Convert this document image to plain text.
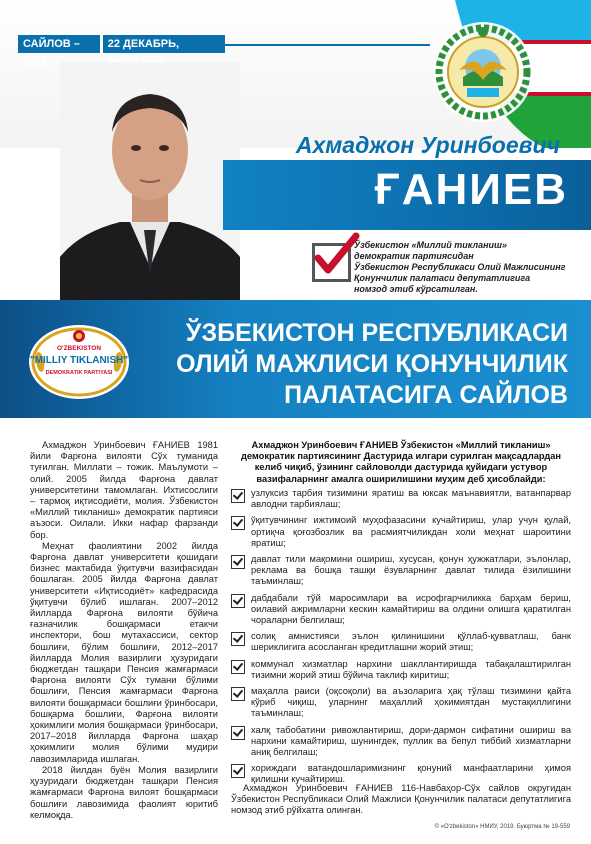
САЙЛОВ – 2019
22 ДЕКАБРЬ,
Ахмаджон Уринбоевич
ҒАНИЕВ
Ўзбекистон «Миллий тикланиш»
демократик партиясидан
Ўзбекистон Республикаси Олий Мажлисининг
Қонунчилик палатаси депутатлигига
номзод этиб кўрсатилган.
ЎЗБЕКИСТОН РЕСПУБЛИКАСИ
ОЛИЙ МАЖЛИСИ ҚОНУНЧИЛИК
ПАЛАТАСИГА САЙЛОВ
O'ZBEKISTON
"MILLIY TIKLANISH"
DEMOKRATIK PARTIYASI

Ахмаджон Уринбоевич ҒАНИЕВ 1981 йили Фарғона вилояти Сўх туманида туғилган. Миллати – тожик. Маълумоти – олий. 2005 йилда Фарғона давлат университетини тамомлаган. Ихтисослиги – тармоқ иқтисодиёти, молия. Ўзбекистон «Миллий тикланиш» демократик партияси аъзоси. Оилали. Икки нафар фарзанди бор.

Меҳнат фаолиятини 2002 йилда Фарғона давлат университети қошидаги бизнес мактабида ўқитувчи вазифасидан бошлаган. 2005 йилда Фарғона давлат университети «Иқтисодиёт» кафедрасида ўқитувчи бўлиб ишлаган. 2007–2012 йилларда Фарғона вилояти бўйича ғазначилик бошқармаси етакчи инспектори, бош мутахассиси, сектор бошлиғи, бўлим бошлиғи, 2012–2017 йилларда Молия вазирлиги ҳузуридаги бюджетдан ташқари Пенсия жамғармаси Фарғона вилояти Сўх тумани бўлими бошлиғи, Пенсия жамғармаси Фарғона вилояти бошқармаси бошлиғи ўринбосари, бошқарма бошлиғи, Фарғона вилояти ҳокимлиги молия бошқармаси ўринбосари, 2017–2018 йилларда Фарғона шаҳар ҳокимлиги молия бўлими мудири лавозимларида ишлаган.

2018 йилдан буён Молия вазирлиги ҳузуридаги бюджетдан ташқари Пенсия жамғармаси Фарғона вилоят бошқармаси бошлиғи лавозимида фаолият юритиб келмоқда.

Ахмаджон Уринбоевич ҒАНИЕВ Ўзбекистон «Миллий тикланиш» демократик партиясининг Дастурида илгари сурилган мақсадлардан келиб чиқиб, ўзининг сайловолди дастурида қуйидаги устувор вазифаларнинг амалга оширилишини муҳим деб ҳисоблайди:
узлуксиз тарбия тизимини яратиш ва юксак маънавиятли, ватанпарвар авлодни тарбиялаш;
ўқитувчининг ижтимоий муҳофазасини кучайтириш, улар учун қулай, ортиқча қоғозбозлик ва расмиятчиликдан холи меҳнат шароитини яратиш;
давлат тили мақомини ошириш, хусусан, қонун ҳужжатлари, эълонлар, реклама ва бошқа ташқи ёзувларнинг давлат тилида ёзилишини таъминлаш;
дабдабали тўй маросимлари ва исрофгарчиликка барҳам бериш, оилавий ажримларни кескин камайтириш ва олдини олишга қаратилган чораларни белгилаш;
солиқ амнистияси эълон қилинишини қўллаб-қувватлаш, банк шериклигига асосланган кредитлашни жорий этиш;
коммунал хизматлар нархини шакллантиришда табақалаштирилган тизимни жорий этиш бўйича таклиф киритиш;
маҳалла раиси (оқсоқоли) ва аъзоларига ҳақ тўлаш тизимини қайта кўриб чиқиш, уларнинг маҳаллий ҳокимиятдан мустақиллигини таъминлаш;
халқ табобатини ривожлантириш, дори-дармон сифатини ошириш ва нархини камайтириш, шунингдек, пуллик ва бепул тиббий хизматларни аниқ белгилаш;
хориждаги ватандошларимизнинг қонуний манфаатларини ҳимоя қилишни кучайтириш.
Ахмаджон Уринбоевич ҒАНИЕВ 116-Навбаҳор-Сўх сайлов округидан Ўзбекистон Республикаси Олий Мажлиси Қонунчилик палатаси депутатлигига номзод этиб рўйхатга олинган.
© «O'zbekiston» НМИУ, 2019. Буюртма № 19-559
